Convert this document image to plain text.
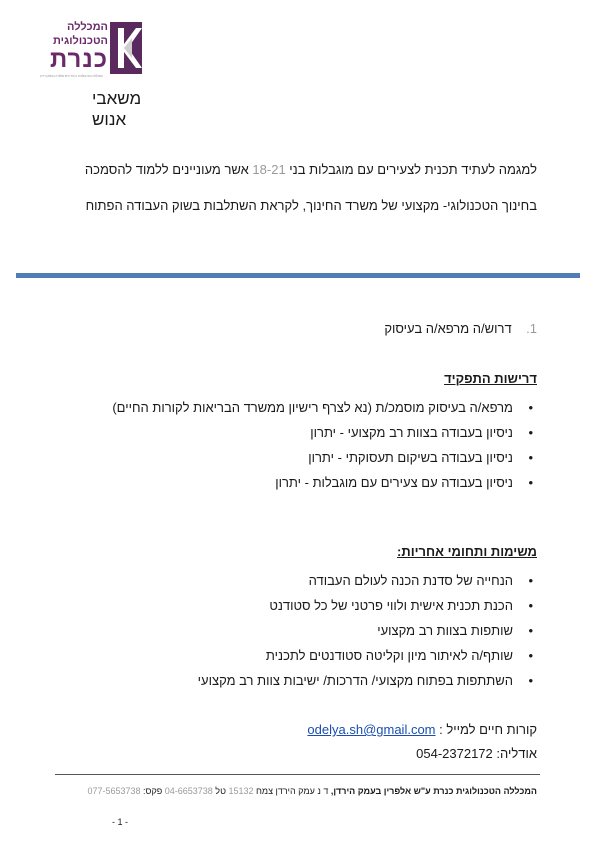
המכללה
הטכנולוגית
כנרת
המכללה הטכנולוגית כנרת ע"ש אלפרין בעמק הירדן
משאבי
אנוש
למגמה לעתיד תכנית לצעירים עם מוגבלות בני 18-21 אשר מעוניינים ללמוד להסמכה בחינוך הטכנולוגי- מקצועי של משרד החינוך, לקראת השתלבות בשוק העבודה הפתוח
1.    דרוש/ה מרפא/ה בעיסוק
דרישות התפקיד
• מרפא/ה בעיסוק מוסמכ/ת (נא לצרף רישיון ממשרד הבריאות לקורות החיים)
• ניסיון בעבודה בצוות רב מקצועי - יתרון
• ניסיון בעבודה בשיקום תעסוקתי - יתרון
• ניסיון בעבודה עם צעירים עם מוגבלות - יתרון
משימות ותחומי אחריות:
• הנחייה של סדנת הכנה לעולם העבודה
• הכנת תכנית אישית ולווי פרטני של כל סטודנט
• שותפות בצוות רב מקצועי
• שותף/ה לאיתור מיון וקליטה סטודנטים לתכנית
• השתתפות בפתוח מקצועי/ הדרכות/ ישיבות צוות רב מקצועי
קורות חיים למייל : odelya.sh@gmail.com
אודליה: 054-2372172
המכללה הטכנולוגית כנרת ע"ש אלפרין בעמק הירדן, ד נ עמק הירדן צמח 15132 טל 04-6653738 פקס: 077-5653738
- 1 -
